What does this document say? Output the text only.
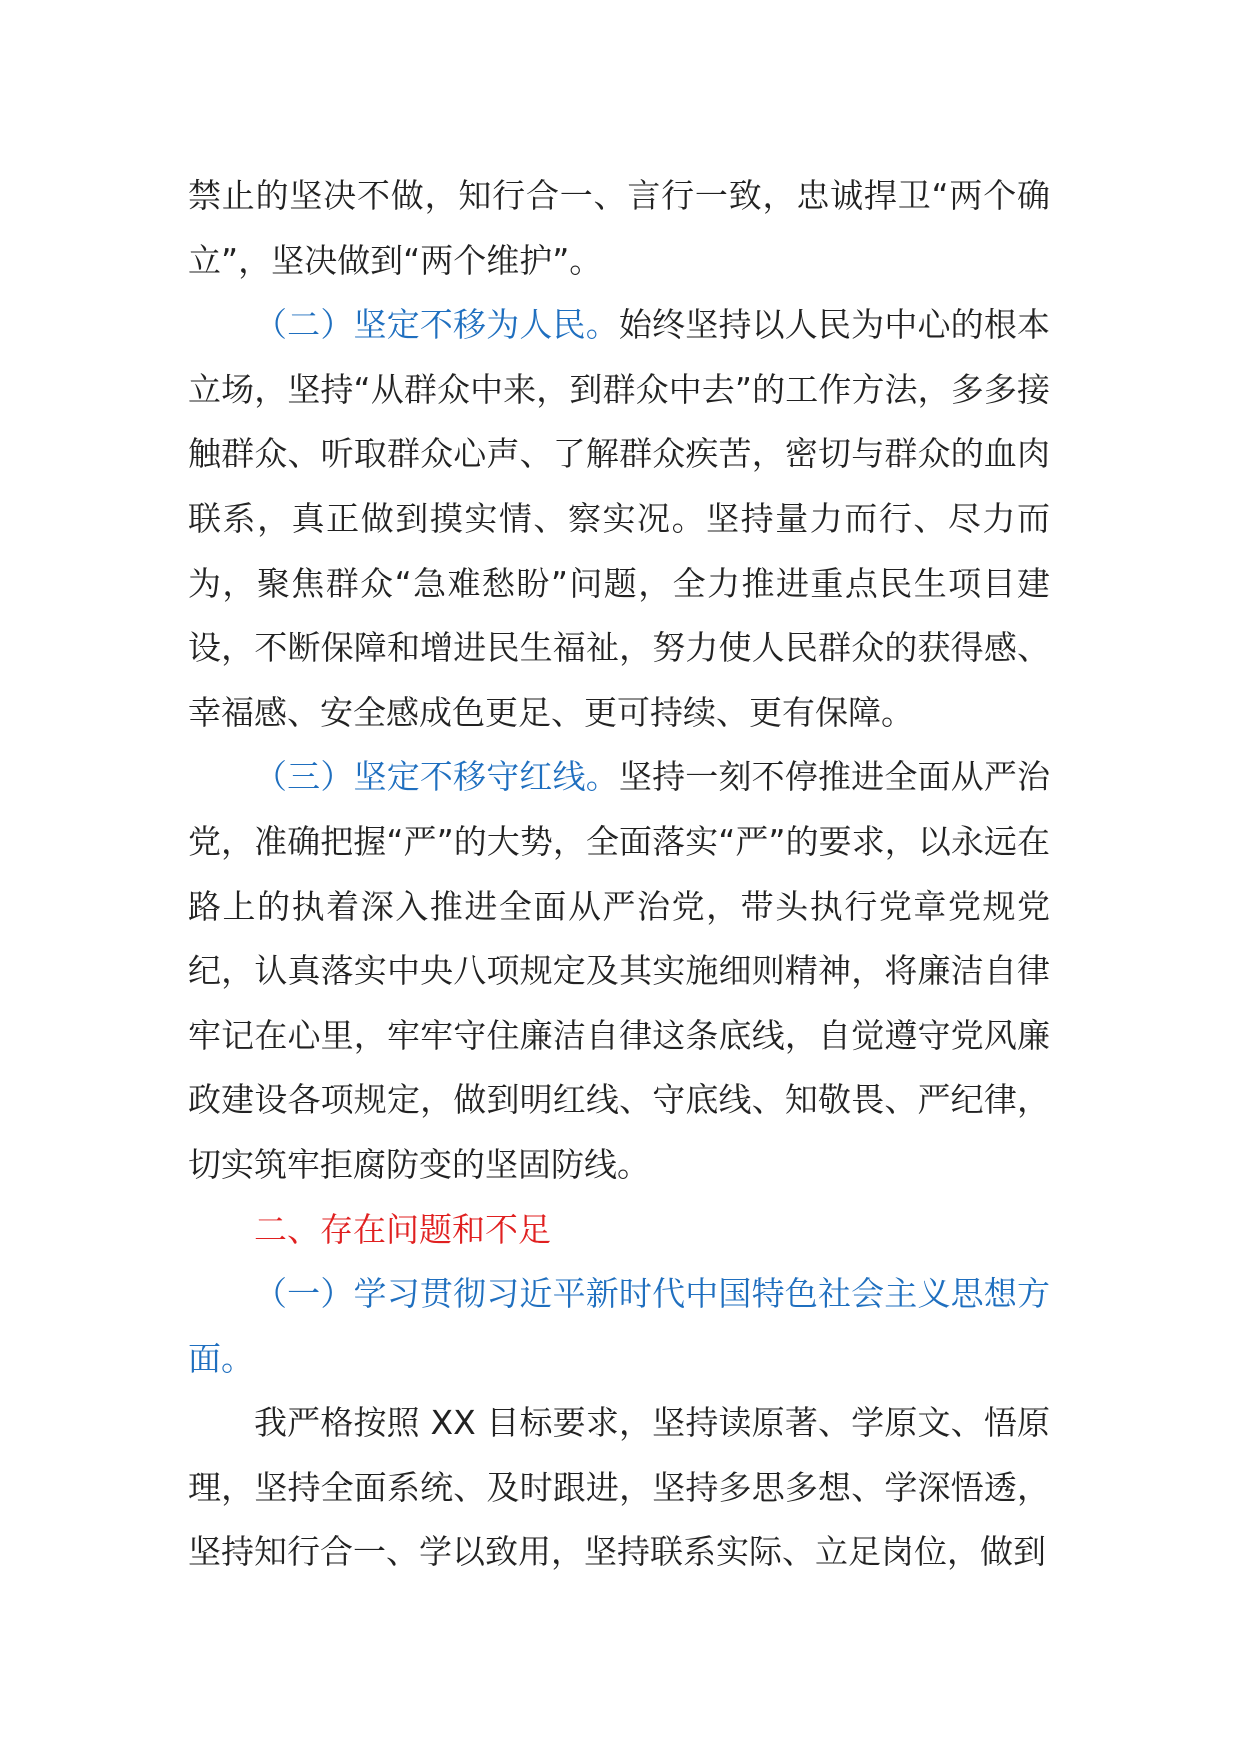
禁止的坚决不做，知行合一、言行一致，忠诚捍卫“两个确立”，坚决做到“两个维护”。

（二）坚定不移为人民。始终坚持以人民为中心的根本立场，坚持“从群众中来，到群众中去”的工作方法，多多接触群众、听取群众心声、了解群众疾苦，密切与群众的血肉联系，真正做到摸实情、察实况。坚持量力而行、尽力而为，聚焦群众“急难愁盼”问题，全力推进重点民生项目建设，不断保障和增进民生福祉，努力使人民群众的获得感、幸福感、安全感成色更足、更可持续、更有保障。

（三）坚定不移守红线。坚持一刻不停推进全面从严治党，准确把握“严”的大势，全面落实“严”的要求，以永远在路上的执着深入推进全面从严治党，带头执行党章党规党纪，认真落实中央八项规定及其实施细则精神，将廉洁自律牢记在心里，牢牢守住廉洁自律这条底线，自觉遵守党风廉政建设各项规定，做到明红线、守底线、知敬畏、严纪律，切实筑牢拒腐防变的坚固防线。

二、存在问题和不足

（一）学习贯彻习近平新时代中国特色社会主义思想方面。

我严格按照 XX 目标要求，坚持读原著、学原文、悟原理，坚持全面系统、及时跟进，坚持多思多想、学深悟透，坚持知行合一、学以致用，坚持联系实际、立足岗位，做到
